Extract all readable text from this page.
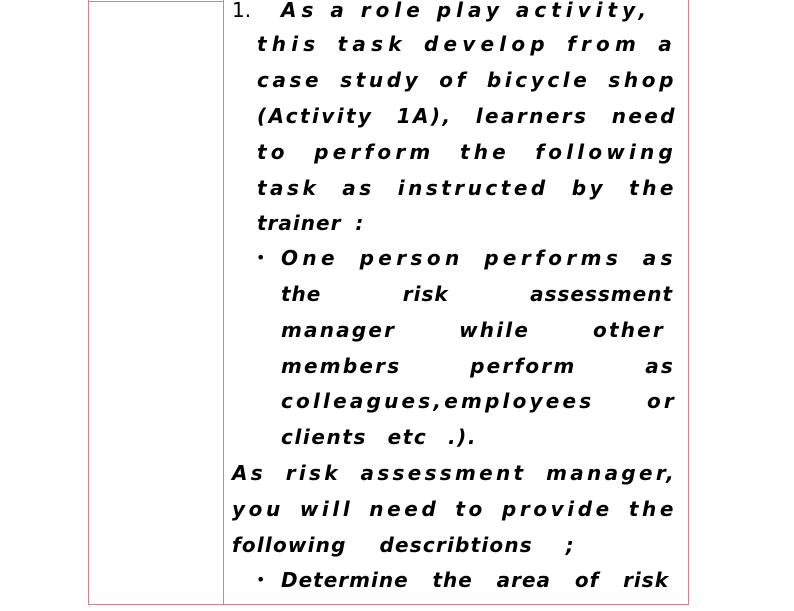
1. As a role play activity,
this task develop from a
case study of bicycle shop
(Activity 1A), learners need
to perform the following
task as instructed by the
trainer :
• One person performs as
the risk assessment
manager while other
members perform as
colleagues,employees or
clients etc .).
As risk assessment manager,
you will need to provide the
following describtions ;
• Determine the area of risk
